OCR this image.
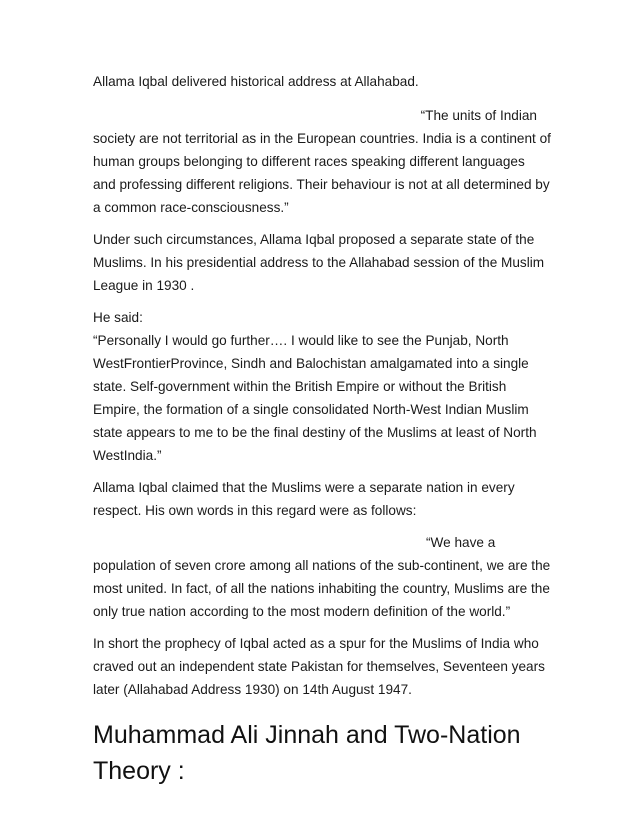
Allama Iqbal delivered historical address at Allahabad.

“The units of Indian
society are not territorial as in the European countries. India is a continent of human groups belonging to different races speaking different languages and professing different religions. Their behaviour is not at all determined by a common race-consciousness.”

Under such circumstances, Allama Iqbal proposed a separate state of the Muslims. In his presidential address to the Allahabad session of the Muslim League in 1930 .

He said:
“Personally I would go further…. I would like to see the Punjab, North WestFrontierProvince, Sindh and Balochistan amalgamated into a single state. Self-government within the British Empire or without the British Empire, the formation of a single consolidated North-West Indian Muslim state appears to me to be the final destiny of the Muslims at least of North WestIndia.”

Allama Iqbal claimed that the Muslims were a separate nation in every respect. His own words in this regard were as follows:

“We have a
population of seven crore among all nations of the sub-continent, we are the most united. In fact, of all the nations inhabiting the country, Muslims are the only true nation according to the most modern definition of the world.”

In short the prophecy of Iqbal acted as a spur for the Muslims of India who craved out an independent state Pakistan for themselves, Seventeen years later (Allahabad Address 1930) on 14th August 1947.

Muhammad Ali Jinnah and Two-Nation Theory :
